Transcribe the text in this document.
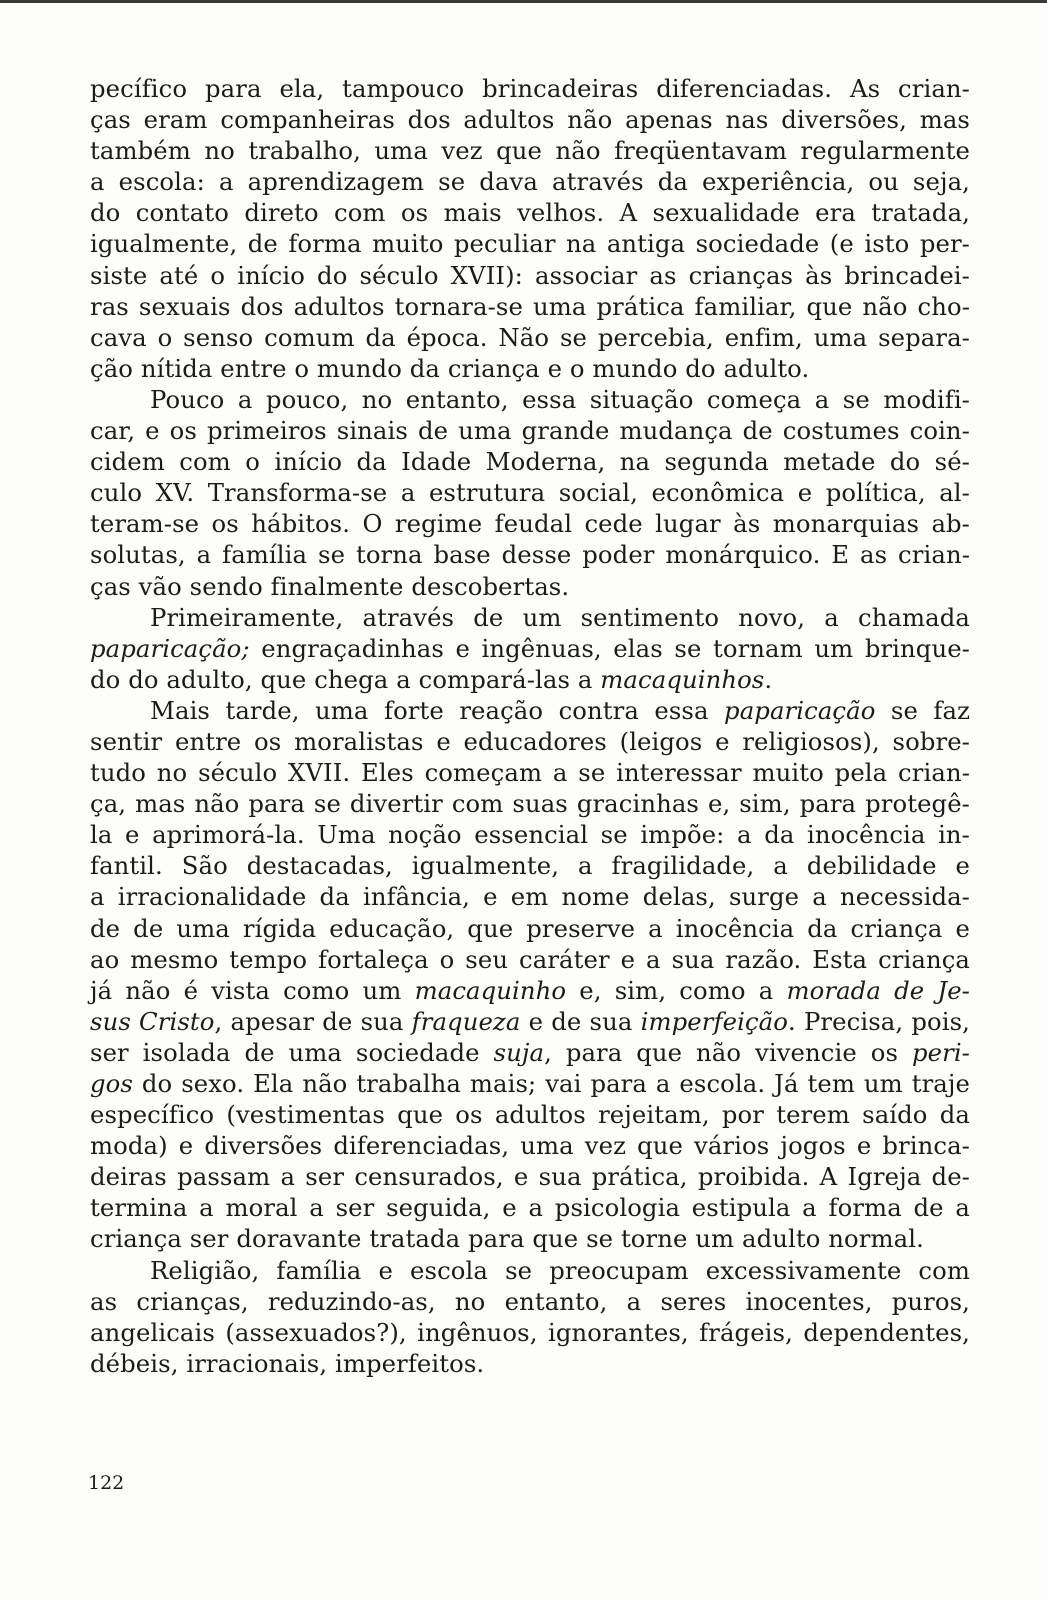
pecífico para ela, tampouco brincadeiras diferenciadas. As crian-
ças eram companheiras dos adultos não apenas nas diversões, mas
também no trabalho, uma vez que não freqüentavam regularmente
a escola: a aprendizagem se dava através da experiência, ou seja,
do contato direto com os mais velhos. A sexualidade era tratada,
igualmente, de forma muito peculiar na antiga sociedade (e isto per-
siste até o início do século XVII): associar as crianças às brincadei-
ras sexuais dos adultos tornara-se uma prática familiar, que não cho-
cava o senso comum da época. Não se percebia, enfim, uma separa-
ção nítida entre o mundo da criança e o mundo do adulto.
Pouco a pouco, no entanto, essa situação começa a se modifi-
car, e os primeiros sinais de uma grande mudança de costumes coin-
cidem com o início da Idade Moderna, na segunda metade do sé-
culo XV. Transforma-se a estrutura social, econômica e política, al-
teram-se os hábitos. O regime feudal cede lugar às monarquias ab-
solutas, a família se torna base desse poder monárquico. E as crian-
ças vão sendo finalmente descobertas.
Primeiramente, através de um sentimento novo, a chamada
paparicação; engraçadinhas e ingênuas, elas se tornam um brinque-
do do adulto, que chega a compará-las a macaquinhos.
Mais tarde, uma forte reação contra essa paparicação se faz
sentir entre os moralistas e educadores (leigos e religiosos), sobre-
tudo no século XVII. Eles começam a se interessar muito pela crian-
ça, mas não para se divertir com suas gracinhas e, sim, para protegê-
la e aprimorá-la. Uma noção essencial se impõe: a da inocência in-
fantil. São destacadas, igualmente, a fragilidade, a debilidade e
a irracionalidade da infância, e em nome delas, surge a necessida-
de de uma rígida educação, que preserve a inocência da criança e
ao mesmo tempo fortaleça o seu caráter e a sua razão. Esta criança
já não é vista como um macaquinho e, sim, como a morada de Je-
sus Cristo, apesar de sua fraqueza e de sua imperfeição. Precisa, pois,
ser isolada de uma sociedade suja, para que não vivencie os peri-
gos do sexo. Ela não trabalha mais; vai para a escola. Já tem um traje
específico (vestimentas que os adultos rejeitam, por terem saído da
moda) e diversões diferenciadas, uma vez que vários jogos e brinca-
deiras passam a ser censurados, e sua prática, proibida. A Igreja de-
termina a moral a ser seguida, e a psicologia estipula a forma de a
criança ser doravante tratada para que se torne um adulto normal.
Religião, família e escola se preocupam excessivamente com
as crianças, reduzindo-as, no entanto, a seres inocentes, puros,
angelicais (assexuados?), ingênuos, ignorantes, frágeis, dependentes,
débeis, irracionais, imperfeitos.
122
